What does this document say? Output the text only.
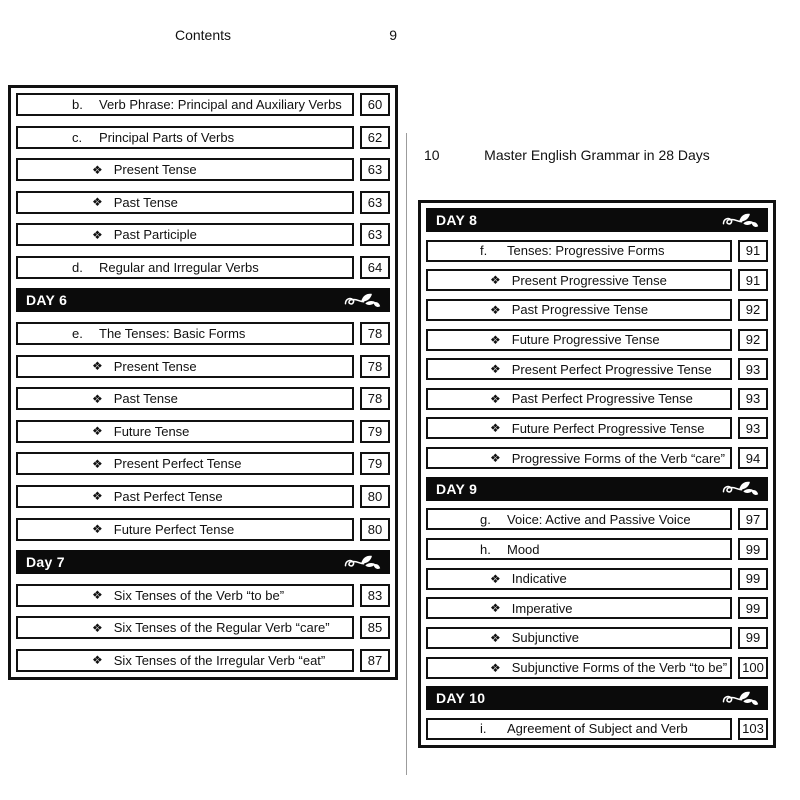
Contents	9
b. Verb Phrase: Principal and Auxiliary Verbs	60
c. Principal Parts of Verbs	62
❖ Present Tense	63
❖ Past Tense	63
❖ Past Participle	63
d. Regular and Irregular Verbs	64
DAY 6
e. The Tenses: Basic Forms	78
❖ Present Tense	78
❖ Past Tense	78
❖ Future Tense	79
❖ Present Perfect Tense	79
❖ Past Perfect Tense	80
❖ Future Perfect Tense	80
Day 7
❖ Six Tenses of the Verb “to be”	83
❖ Six Tenses of the Regular Verb “care”	85
❖ Six Tenses of the Irregular Verb “eat”	87
10	Master English Grammar in 28 Days
DAY 8
f.	Tenses: Progressive Forms	91
❖ Present Progressive Tense	91
❖ Past Progressive Tense	92
❖ Future Progressive Tense	92
❖ Present Perfect Progressive Tense	93
❖ Past Perfect Progressive Tense	93
❖ Future Perfect Progressive Tense	93
❖ Progressive Forms of the Verb “care”	94
DAY 9
g. Voice: Active and Passive Voice	97
h. Mood	99
❖ Indicative	99
❖ Imperative	99
❖ Subjunctive	99
❖ Subjunctive Forms of the Verb “to be”	100
DAY 10
i.	Agreement of Subject and Verb	103
